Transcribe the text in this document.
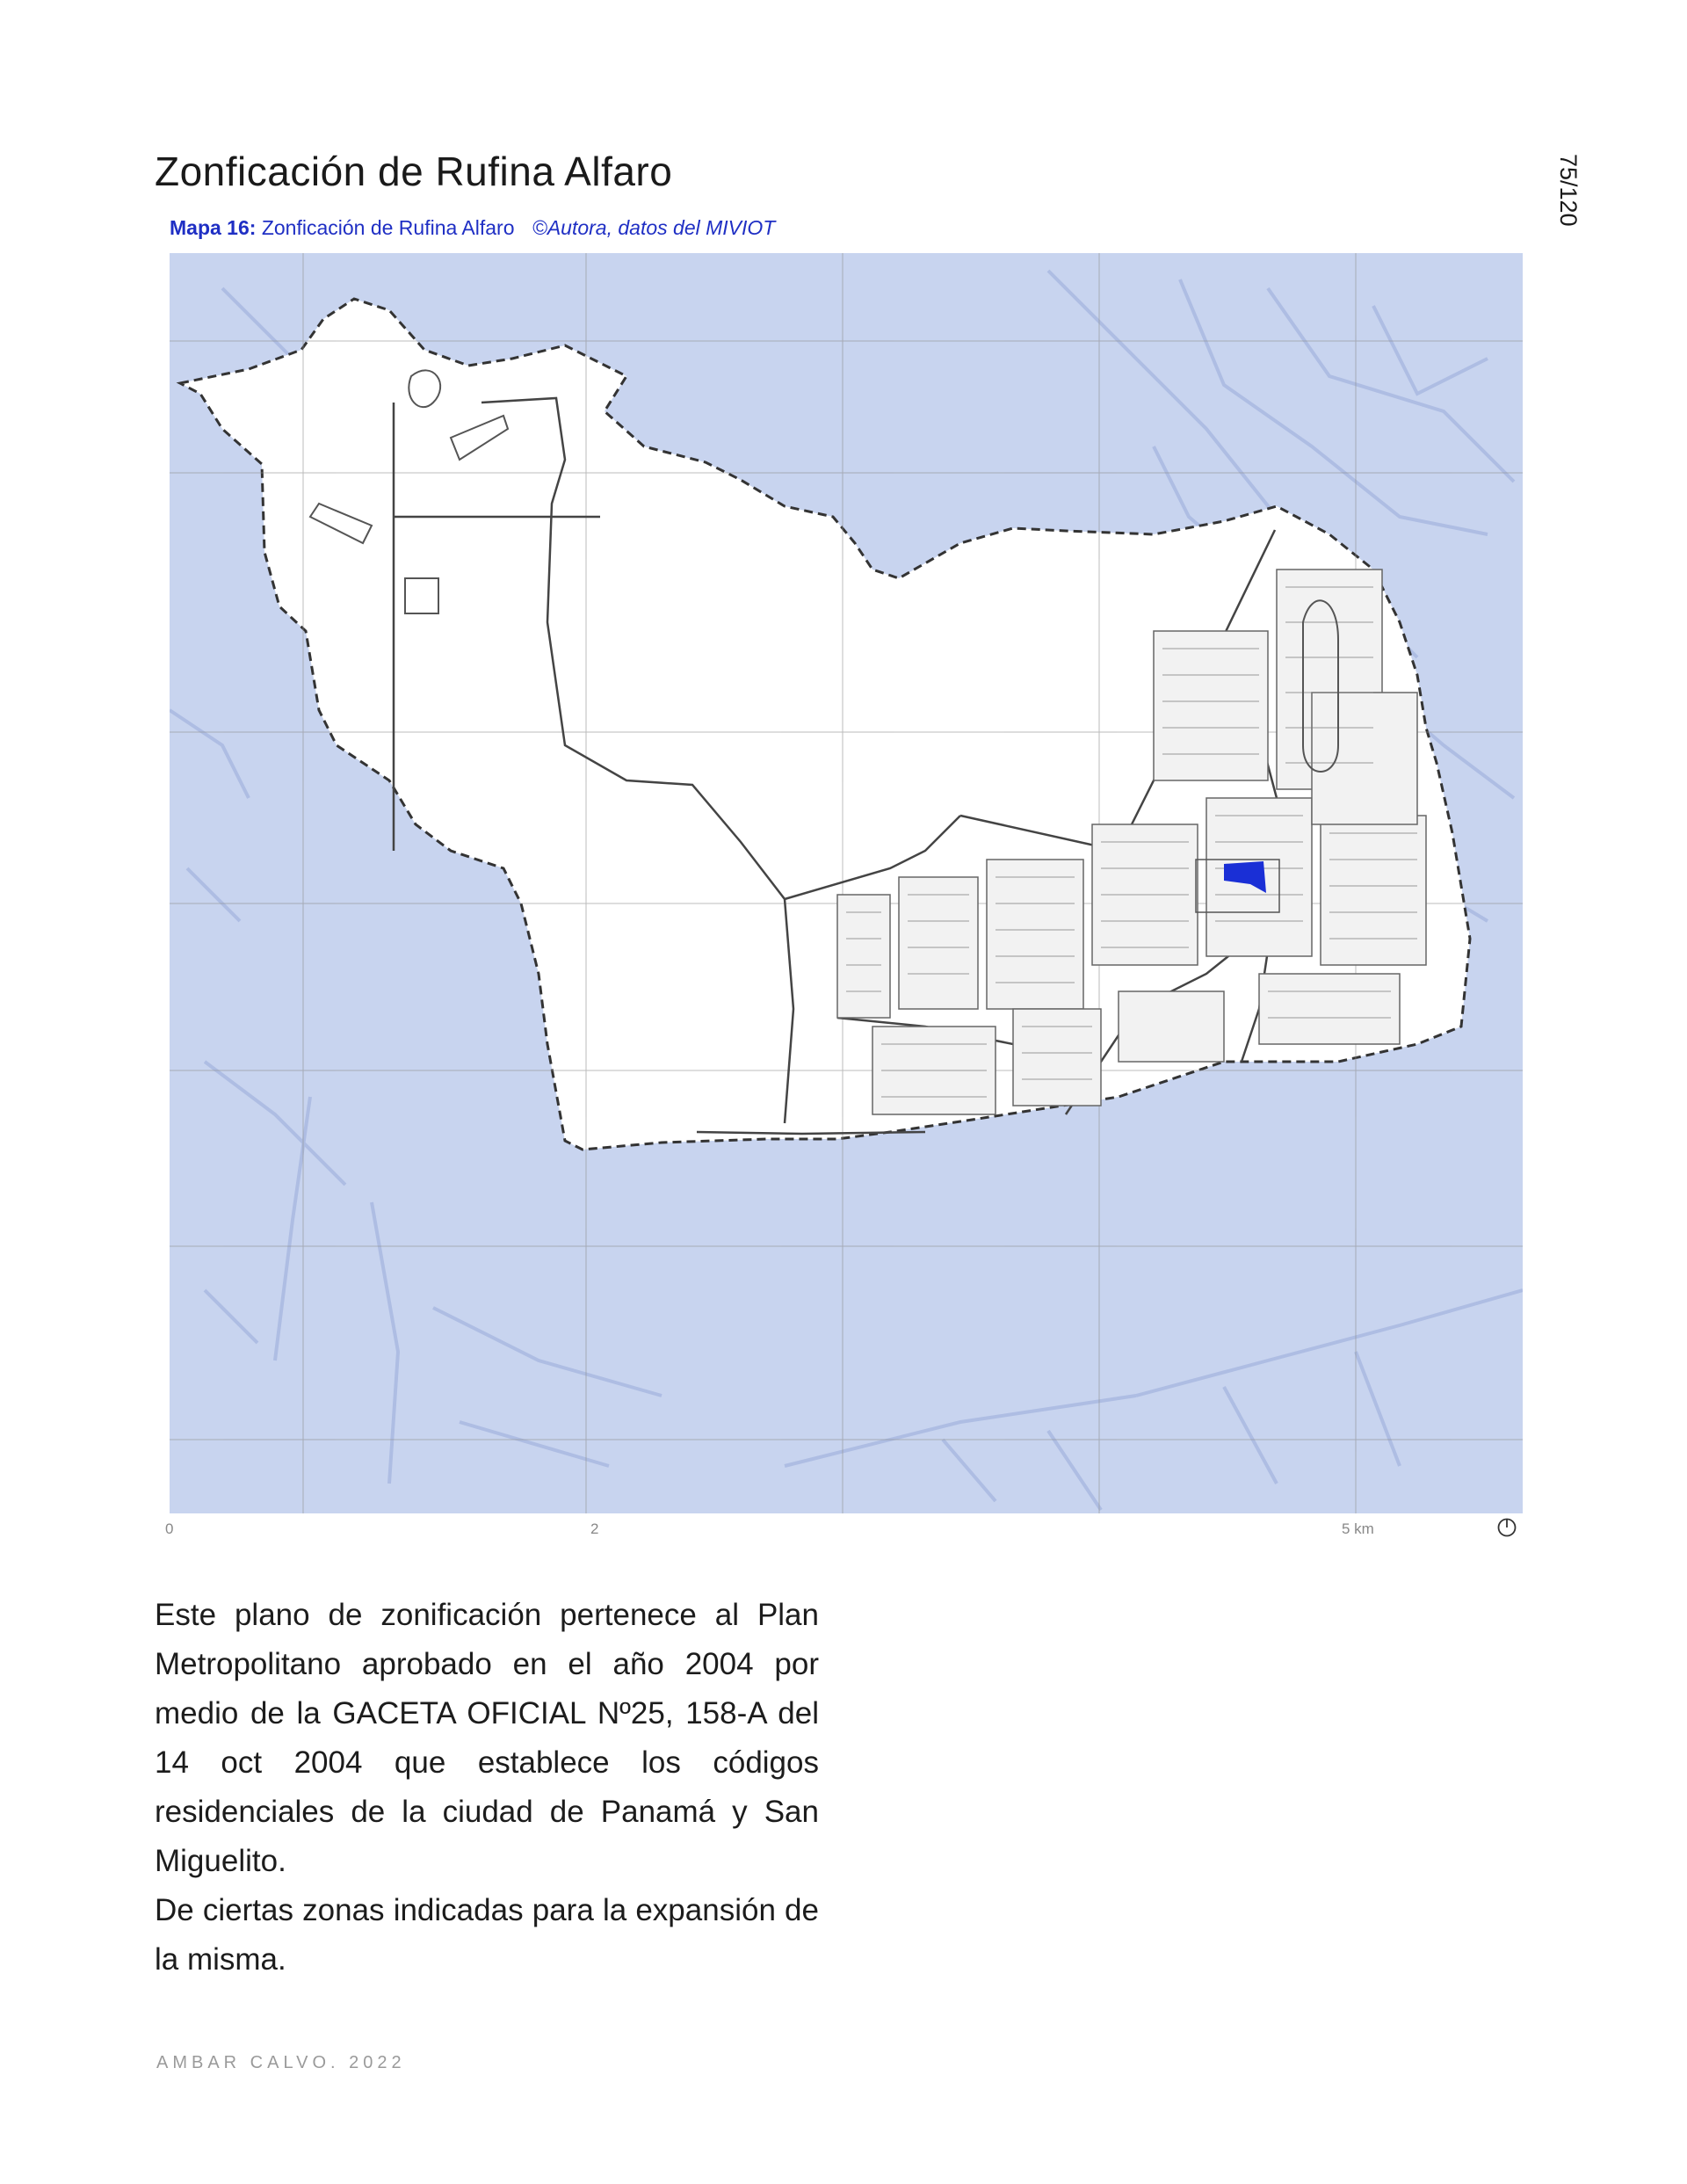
Zonficación de Rufina Alfaro	75/120
Mapa 16: Zonficación de Rufina Alfaro ©Autora, datos del MIVIOT
0	2	5 km

Este plano de zonificación pertenece al Plan Metropolitano aprobado en el año 2004 por medio de la GACETA OFICIAL Nº25, 158-A del 14 oct 2004 que establece los códigos residenciales de la ciudad de Panamá y San Miguelito.

De ciertas zonas indicadas para la expansión de la misma.

AMBAR CALVO. 2022
